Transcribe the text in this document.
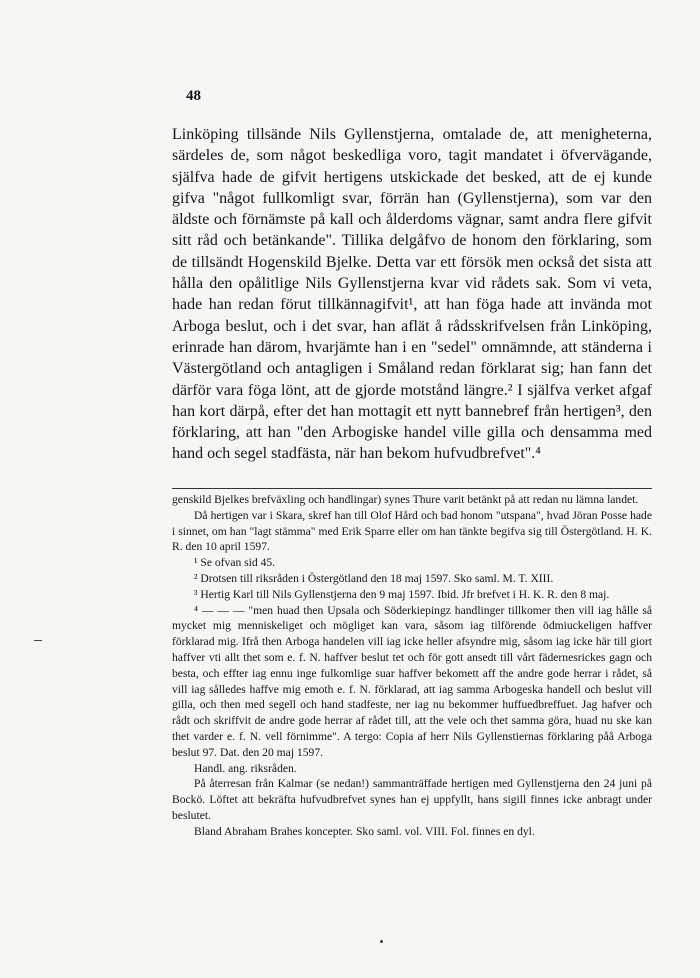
48

Linköping tillsände Nils Gyllenstjerna, omtalade de, att menigheterna, särdeles de, som något beskedliga voro, tagit mandatet i öfvervägande, själfva hade de gifvit hertigens utskickade det besked, att de ej kunde gifva "något fullkomligt svar, förrän han (Gyllenstjerna), som var den äldste och förnämste på kall och ålderdoms vägnar, samt andra flere gifvit sitt råd och betänkande". Tillika delgåfvo de honom den förklaring, som de tillsändt Hogenskild Bjelke. Detta var ett försök men också det sista att hålla den opålitlige Nils Gyllenstjerna kvar vid rådets sak. Som vi veta, hade han redan förut tillkännagifvit¹, att han föga hade att invända mot Arboga beslut, och i det svar, han aflät å rådsskrifvelsen från Linköping, erinrade han därom, hvarjämte han i en "sedel" omnämnde, att ständerna i Västergötland och antagligen i Småland redan förklarat sig; han fann det därför vara föga lönt, att de gjorde motstånd längre.² I själfva verket afgaf han kort därpå, efter det han mottagit ett nytt bannebref från hertigen³, den förklaring, att han "den Arbogiske handel ville gilla och densamma med hand och segel stadfästa, när han bekom hufvudbrefvet".⁴

genskild Bjelkes brefväxling och handlingar) synes Thure varit betänkt på att redan nu lämna landet.

Då hertigen var i Skara, skref han till Olof Hård och bad honom "utspana", hvad Jöran Posse hade i sinnet, om han "lagt stämma" med Erik Sparre eller om han tänkte begifva sig till Östergötland. H. K. R. den 10 april 1597.

¹ Se ofvan sid 45.

² Drotsen till riksråden i Östergötland den 18 maj 1597. Sko saml. M. T. XIII.

³ Hertig Karl till Nils Gyllenstjerna den 9 maj 1597. Ibid. Jfr brefvet i H. K. R. den 8 maj.

⁴ — — — "men huad then Upsala och Söderkiepingz handlinger tillkomer then vill iag hålle så mycket mig menniskeliget och mögliget kan vara, såsom iag tilförende ödmiuckeligen haffver förklarad mig. Ifrå then Arboga handelen vill iag icke heller afsyndre mig, såsom iag icke här till giort haffver vti allt thet som e. f. N. haffver beslut tet och för gott ansedt till vårt fädernesrickes gagn och besta, och effter iag ennu inge fulkomlige suar haffver bekomett aff the andre gode herrar i rådet, så vill iag sålledes haffve mig emoth e. f. N. förklarad, att iag samma Arbogeska handell och beslut vill gilla, och then med segell och hand stadfeste, ner iag nu bekommer huffuedbreffuet. Jag hafver och rådt och skriffvit de andre gode herrar af rådet till, att the vele och thet samma göra, huad nu ske kan thet varder e. f. N. vell förnimme". A tergo: Copia af herr Nils Gyllenstiernas förklaring påå Arboga beslut 97. Dat. den 20 maj 1597.

Handl. ang. riksråden.

På återresan från Kalmar (se nedan!) sammanträffade hertigen med Gyllenstjerna den 24 juni på Bockö. Löftet att bekräfta hufvudbrefvet synes han ej uppfyllt, hans sigill finnes icke anbragt under beslutet.

Bland Abraham Brahes koncepter. Sko saml. vol. VIII. Fol. finnes en dyl.
